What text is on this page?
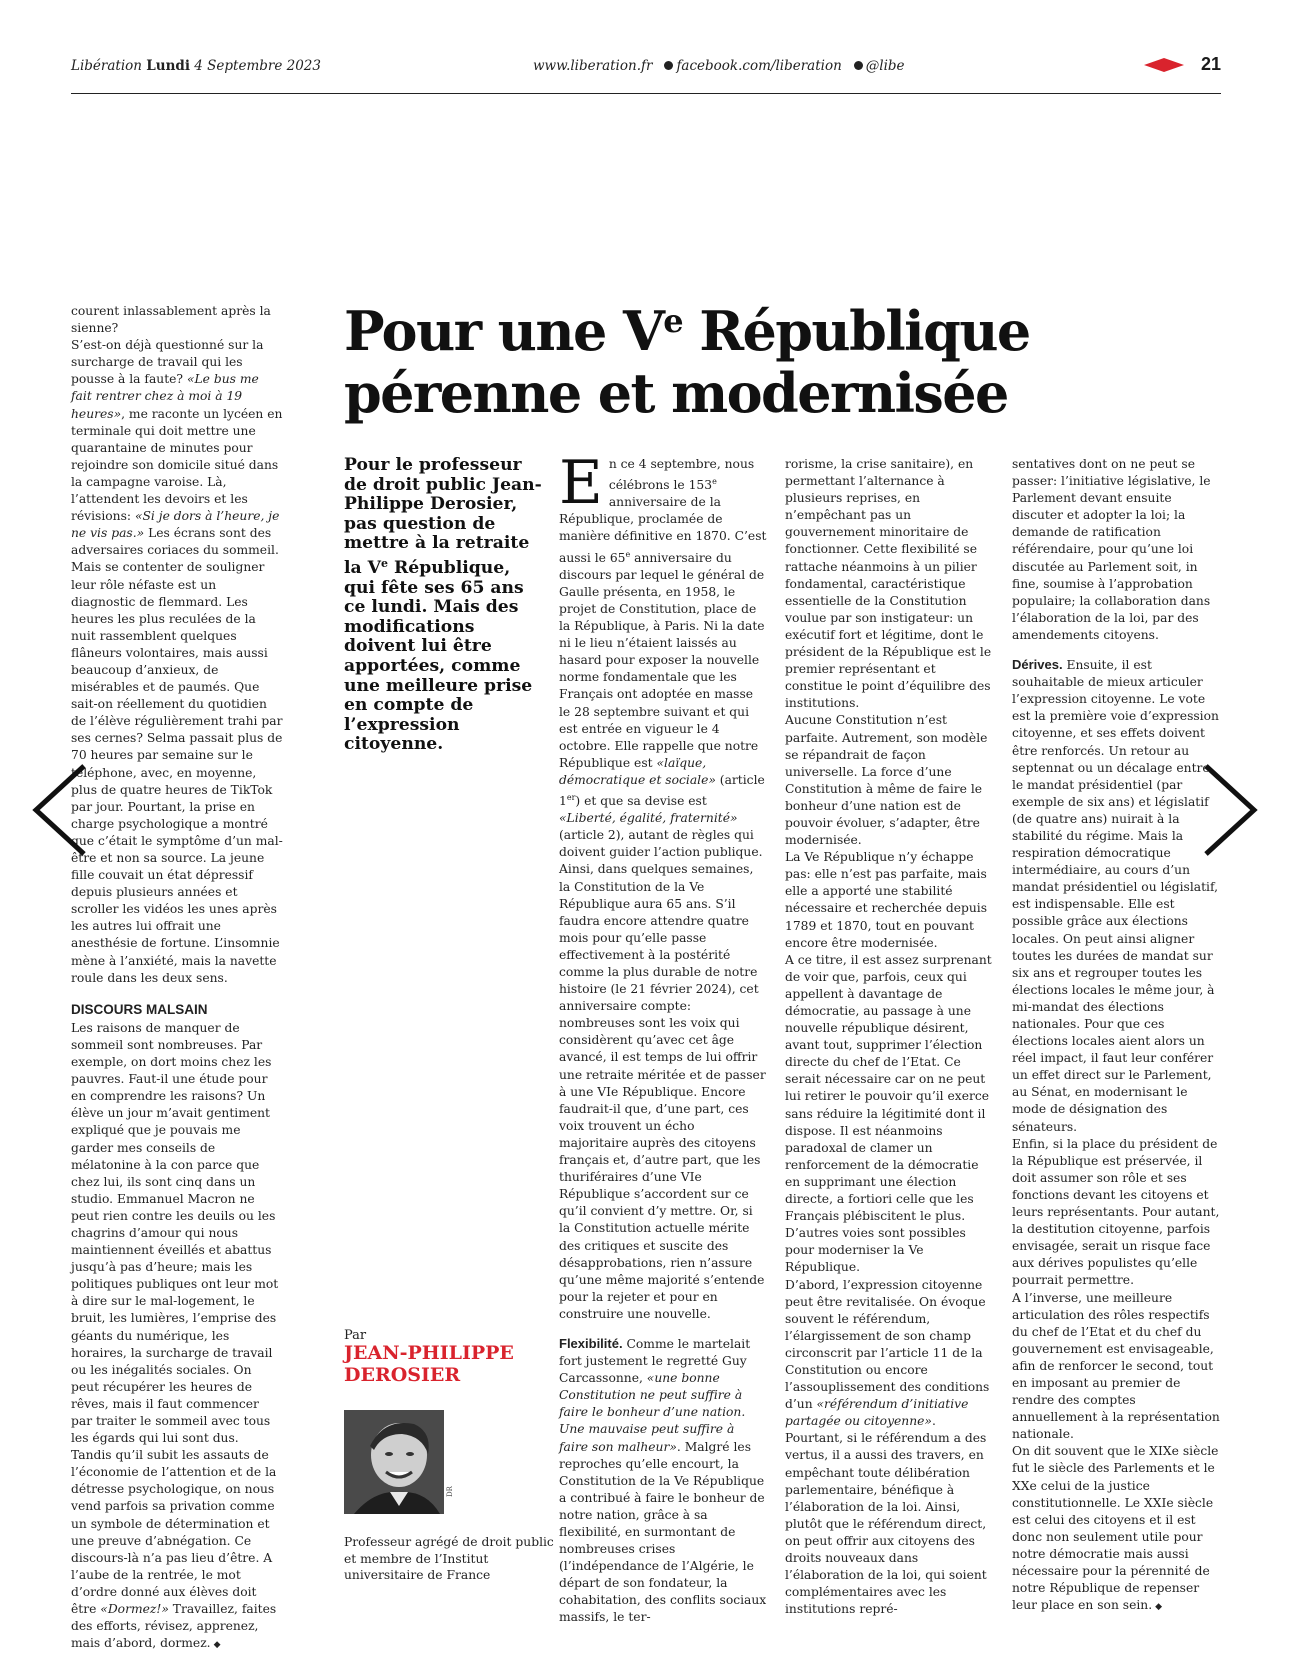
Libération Lundi 4 Septembre 2023	www.liberation.fr facebook.com/liberation @libe	21
Pour une Ve République
pérenne et modernisée

courent inlassablement après la sienne?

S’est-on déjà questionné sur la surcharge de travail qui les pousse à la faute? «Le bus me fait rentrer chez à moi à 19 heures», me raconte un lycéen en terminale qui doit mettre une quarantaine de minutes pour rejoindre son domicile situé dans la campagne varoise. Là, l’attendent les devoirs et les révisions: «Si je dors à l’heure, je ne vis pas.» Les écrans sont des adversaires coriaces du sommeil. Mais se contenter de souligner leur rôle néfaste est un diagnostic de flemmard. Les heures les plus reculées de la nuit rassemblent quelques flâneurs volontaires, mais aussi beaucoup d’anxieux, de misérables et de paumés. Que sait-on réellement du quotidien de l’élève régulièrement trahi par ses cernes? Selma passait plus de 70 heures par semaine sur le téléphone, avec, en moyenne, plus de quatre heures de TikTok par jour. Pourtant, la prise en charge psychologique a montré que c’était le symptôme d’un mal-être et non sa source. La jeune fille couvait un état dépressif depuis plusieurs années et scroller les vidéos les unes après les autres lui offrait une anesthésie de fortune. L’insomnie mène à l’anxiété, mais la navette roule dans les deux sens.

DISCOURS MALSAIN

Les raisons de manquer de sommeil sont nombreuses. Par exemple, on dort moins chez les pauvres. Faut-il une étude pour en comprendre les raisons? Un élève un jour m’avait gentiment expliqué que je pouvais me garder mes conseils de mélatonine à la con parce que chez lui, ils sont cinq dans un studio. Emmanuel Macron ne peut rien contre les deuils ou les chagrins d’amour qui nous maintiennent éveillés et abattus jusqu’à pas d’heure; mais les politiques publiques ont leur mot à dire sur le mal-logement, le bruit, les lumières, l’emprise des géants du numérique, les horaires, la surcharge de travail ou les inégalités sociales. On peut récupérer les heures de rêves, mais il faut commencer par traiter le sommeil avec tous les égards qui lui sont dus. Tandis qu’il subit les assauts de l’économie de l’attention et de la détresse psychologique, on nous vend parfois sa privation comme un symbole de détermination et une preuve d’abnégation. Ce discours-là n’a pas lieu d’être. A l’aube de la rentrée, le mot d’ordre donné aux élèves doit être «Dormez!» Travaillez, faites des efforts, révisez, apprenez, mais d’abord, dormez. ◆

Pour le professeur de droit public Jean-Philippe Derosier, pas question de mettre à la retraite la Ve République, qui fête ses 65 ans ce lundi. Mais des modifications doivent lui être apportées, comme une meilleure prise en compte de l’expression citoyenne.
Par
JEAN-PHILIPPE DEROSIER
DR
Professeur agrégé de droit public et membre de l’Institut universitaire de France

En ce 4 septembre, nous célébrons le 153e anniversaire de la République, proclamée de manière définitive en 1870. C’est aussi le 65e anniversaire du discours par lequel le général de Gaulle présenta, en 1958, le projet de Constitution, place de la République, à Paris. Ni la date ni le lieu n’étaient laissés au hasard pour exposer la nouvelle norme fondamentale que les Français ont adoptée en masse le 28 septembre suivant et qui est entrée en vigueur le 4 octobre. Elle rappelle que notre République est «laïque, démocratique et sociale» (article 1er) et que sa devise est «Liberté, égalité, fraternité» (article 2), autant de règles qui doivent guider l’action publique.

Ainsi, dans quelques semaines, la Constitution de la Ve République aura 65 ans. S’il faudra encore attendre quatre mois pour qu’elle passe effectivement à la postérité comme la plus durable de notre histoire (le 21 février 2024), cet anniversaire compte: nombreuses sont les voix qui considèrent qu’avec cet âge avancé, il est temps de lui offrir une retraite méritée et de passer à une VIe République. Encore faudrait-il que, d’une part, ces voix trouvent un écho majoritaire auprès des citoyens français et, d’autre part, que les thuriféraires d’une VIe République s’accordent sur ce qu’il convient d’y mettre. Or, si la Constitution actuelle mérite des critiques et suscite des désapprobations, rien n’assure qu’une même majorité s’entende pour la rejeter et pour en construire une nouvelle.

Flexibilité. Comme le martelait fort justement le regretté Guy Carcassonne, «une bonne Constitution ne peut suffire à faire le bonheur d’une nation. Une mauvaise peut suffire à faire son malheur». Malgré les reproches qu’elle encourt, la Constitution de la Ve République a contribué à faire le bonheur de notre nation, grâce à sa flexibilité, en surmontant de nombreuses crises (l’indépendance de l’Algérie, le départ de son fondateur, la cohabitation, des conflits sociaux massifs, le ter-

rorisme, la crise sanitaire), en permettant l’alternance à plusieurs reprises, en n’empêchant pas un gouvernement minoritaire de fonctionner. Cette flexibilité se rattache néanmoins à un pilier fondamental, caractéristique essentielle de la Constitution voulue par son instigateur: un exécutif fort et légitime, dont le président de la République est le premier représentant et constitue le point d’équilibre des institutions.

Aucune Constitution n’est parfaite. Autrement, son modèle se répandrait de façon universelle. La force d’une Constitution à même de faire le bonheur d’une nation est de pouvoir évoluer, s’adapter, être modernisée.

La Ve République n’y échappe pas: elle n’est pas parfaite, mais elle a apporté une stabilité nécessaire et recherchée depuis 1789 et 1870, tout en pouvant encore être modernisée.

A ce titre, il est assez surprenant de voir que, parfois, ceux qui appellent à davantage de démocratie, au passage à une nouvelle république désirent, avant tout, supprimer l’élection directe du chef de l’Etat. Ce serait nécessaire car on ne peut lui retirer le pouvoir qu’il exerce sans réduire la légitimité dont il dispose. Il est néanmoins paradoxal de clamer un renforcement de la démocratie en supprimant une élection directe, a fortiori celle que les Français plébiscitent le plus. D’autres voies sont possibles pour moderniser la Ve République.

D’abord, l’expression citoyenne peut être revitalisée. On évoque souvent le référendum, l’élargissement de son champ circonscrit par l’article 11 de la Constitution ou encore l’assouplissement des conditions d’un «référendum d’initiative partagée ou citoyenne». Pourtant, si le référendum a des vertus, il a aussi des travers, en empêchant toute délibération parlementaire, bénéfique à l’élaboration de la loi. Ainsi, plutôt que le référendum direct, on peut offrir aux citoyens des droits nouveaux dans l’élaboration de la loi, qui soient complémentaires avec les institutions repré-

sentatives dont on ne peut se passer: l’initiative législative, le Parlement devant ensuite discuter et adopter la loi; la demande de ratification référendaire, pour qu’une loi discutée au Parlement soit, in fine, soumise à l’approbation populaire; la collaboration dans l’élaboration de la loi, par des amendements citoyens.

Dérives. Ensuite, il est souhaitable de mieux articuler l’expression citoyenne. Le vote est la première voie d’expression citoyenne, et ses effets doivent être renforcés. Un retour au septennat ou un décalage entre le mandat présidentiel (par exemple de six ans) et législatif (de quatre ans) nuirait à la stabilité du régime. Mais la respiration démocratique intermédiaire, au cours d’un mandat présidentiel ou législatif, est indispensable. Elle est possible grâce aux élections locales. On peut ainsi aligner toutes les durées de mandat sur six ans et regrouper toutes les élections locales le même jour, à mi-mandat des élections nationales. Pour que ces élections locales aient alors un réel impact, il faut leur conférer un effet direct sur le Parlement, au Sénat, en modernisant le mode de désignation des sénateurs.

Enfin, si la place du président de la République est préservée, il doit assumer son rôle et ses fonctions devant les citoyens et leurs représentants. Pour autant, la destitution citoyenne, parfois envisagée, serait un risque face aux dérives populistes qu’elle pourrait permettre.

A l’inverse, une meilleure articulation des rôles respectifs du chef de l’Etat et du chef du gouvernement est envisageable, afin de renforcer le second, tout en imposant au premier de rendre des comptes annuellement à la représentation nationale.

On dit souvent que le XIXe siècle fut le siècle des Parlements et le XXe celui de la justice constitutionnelle. Le XXIe siècle est celui des citoyens et il est donc non seulement utile pour notre démocratie mais aussi nécessaire pour la pérennité de notre République de repenser leur place en son sein. ◆
